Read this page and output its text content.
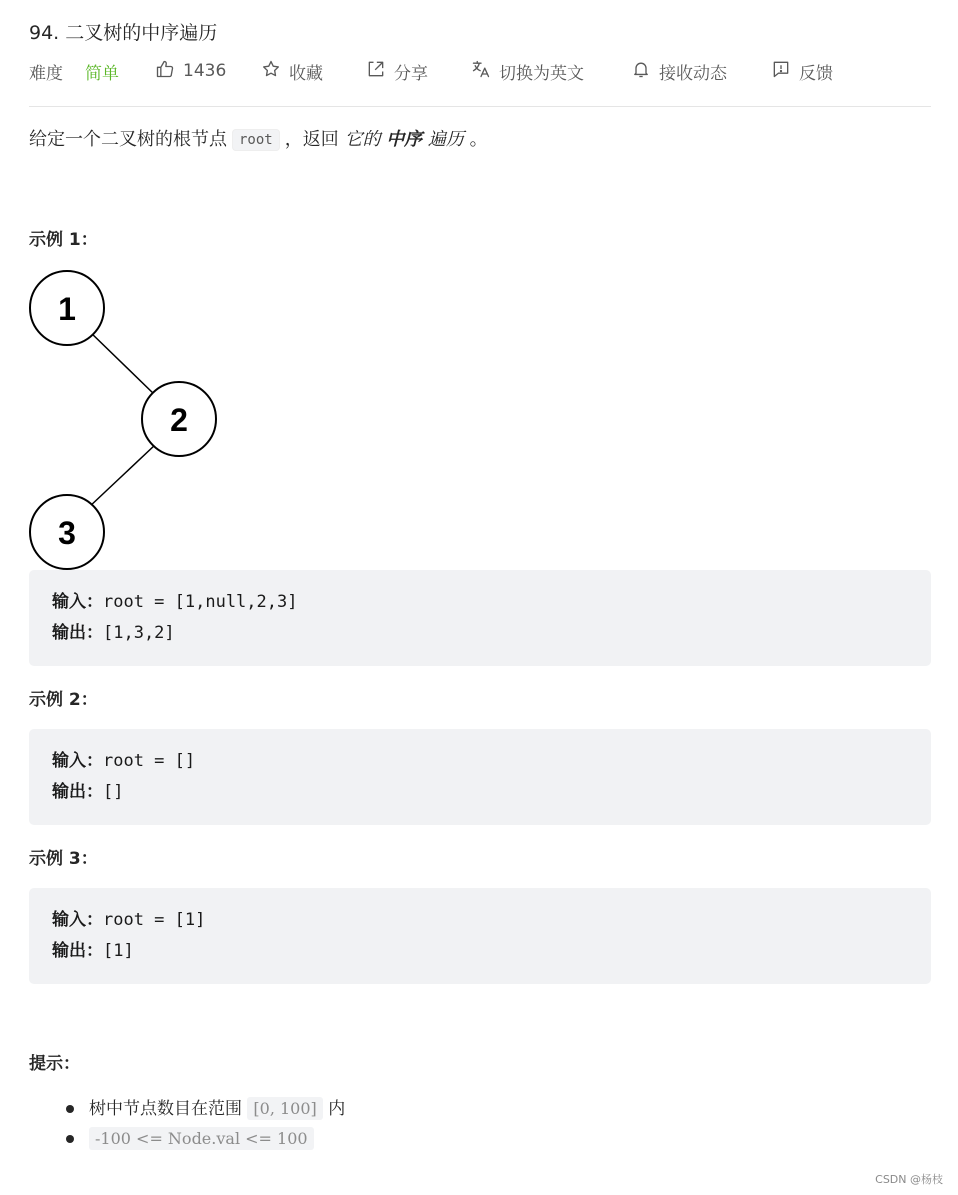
94. 二叉树的中序遍历
难度 简单	1436	收藏	分享	切换为英文	接收动态	反馈
给定一个二叉树的根节点 root ，返回 它的 中序 遍历 。
示例 1：
1
2
3
输入：root = [1,null,2,3]
输出：[1,3,2]
示例 2：
输入：root = []
输出：[]
示例 3：
输入：root = [1]
输出：[1]
提示：
树中节点数目在范围 [0, 100] 内
-100 <= Node.val <= 100
CSDN @杨枝
